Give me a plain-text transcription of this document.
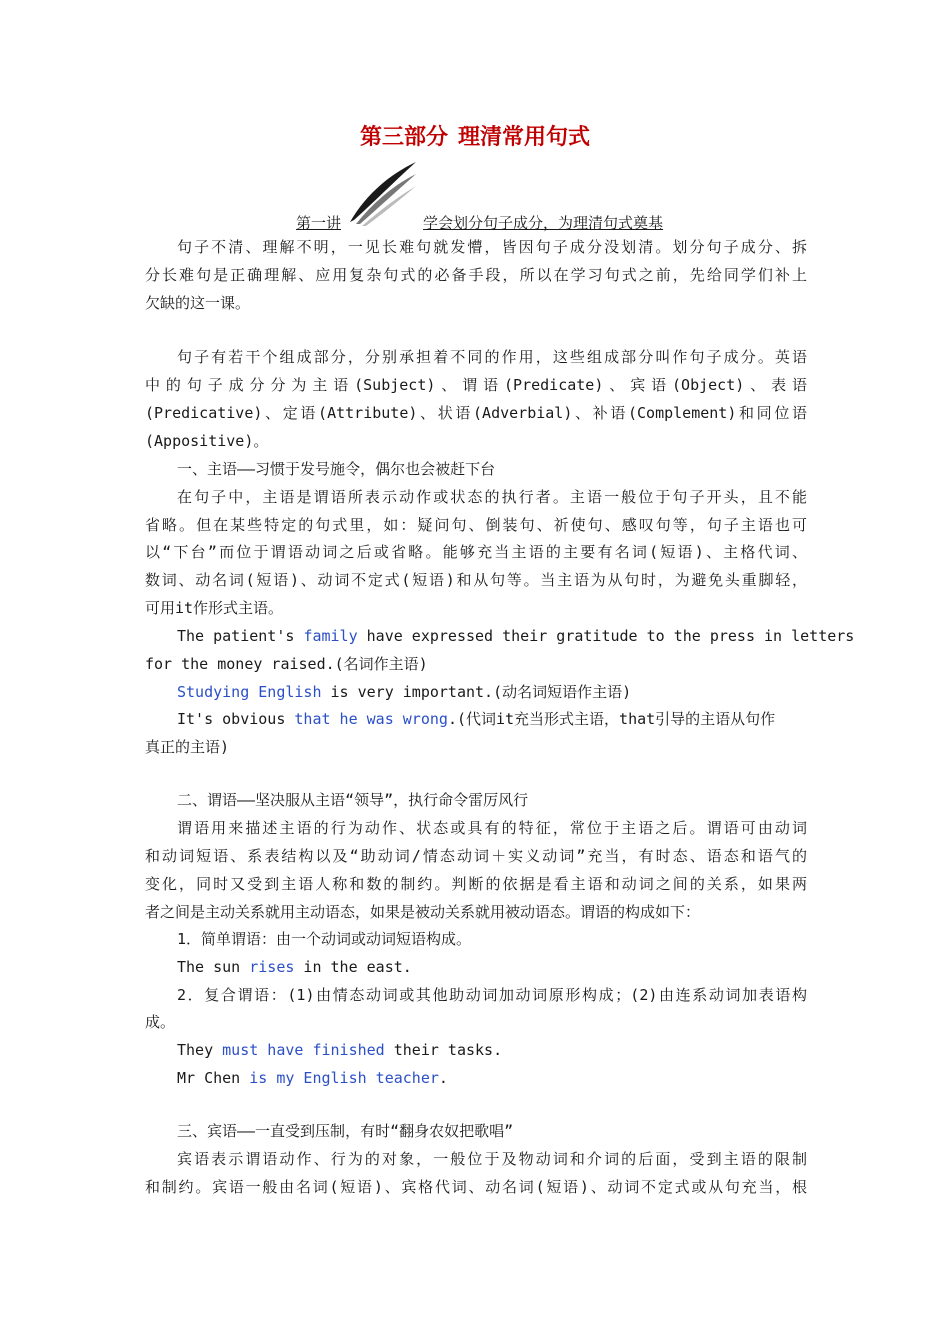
第三部分 理清常用句式
第一讲	学会划分句子成分，为理清句式奠基
句子不清、理解不明，一见长难句就发懵，皆因句子成分没划清。划分句子成分、拆
分长难句是正确理解、应用复杂句式的必备手段，所以在学习句式之前，先给同学们补上
欠缺的这一课。
句子有若干个组成部分，分别承担着不同的作用，这些组成部分叫作句子成分。英语
中的句子成分分为主语(Subject)、谓语(Predicate)、宾语(Object)、表语
(Predicative)、定语(Attribute)、状语(Adverbial)、补语(Complement)和同位语
(Appositive)。
一、主语——习惯于发号施令，偶尔也会被赶下台
在句子中，主语是谓语所表示动作或状态的执行者。主语一般位于句子开头，且不能
省略。但在某些特定的句式里，如：疑问句、倒装句、祈使句、感叹句等，句子主语也可
以“下台”而位于谓语动词之后或省略。能够充当主语的主要有名词(短语)、主格代词、
数词、动名词(短语)、动词不定式(短语)和从句等。当主语为从句时，为避免头重脚轻，
可用it作形式主语。
The patient's family have expressed their gratitude to the press in letters
for the money raised.(名词作主语)
Studying English is very important.(动名词短语作主语)
It's obvious that he was wrong.(代词it充当形式主语，that引导的主语从句作
真正的主语)
二、谓语——坚决服从主语“领导”，执行命令雷厉风行
谓语用来描述主语的行为动作、状态或具有的特征，常位于主语之后。谓语可由动词
和动词短语、系表结构以及“助动词/情态动词＋实义动词”充当，有时态、语态和语气的
变化，同时又受到主语人称和数的制约。判断的依据是看主语和动词之间的关系，如果两
者之间是主动关系就用主动语态，如果是被动关系就用被动语态。谓语的构成如下：
1．简单谓语：由一个动词或动词短语构成。
The sun rises in the east.
2．复合谓语：(1)由情态动词或其他助动词加动词原形构成；(2)由连系动词加表语构
成。
They must have finished their tasks.
Mr Chen is my English teacher.
三、宾语——一直受到压制，有时“翻身农奴把歌唱”
宾语表示谓语动作、行为的对象，一般位于及物动词和介词的后面，受到主语的限制
和制约。宾语一般由名词(短语)、宾格代词、动名词(短语)、动词不定式或从句充当，根
